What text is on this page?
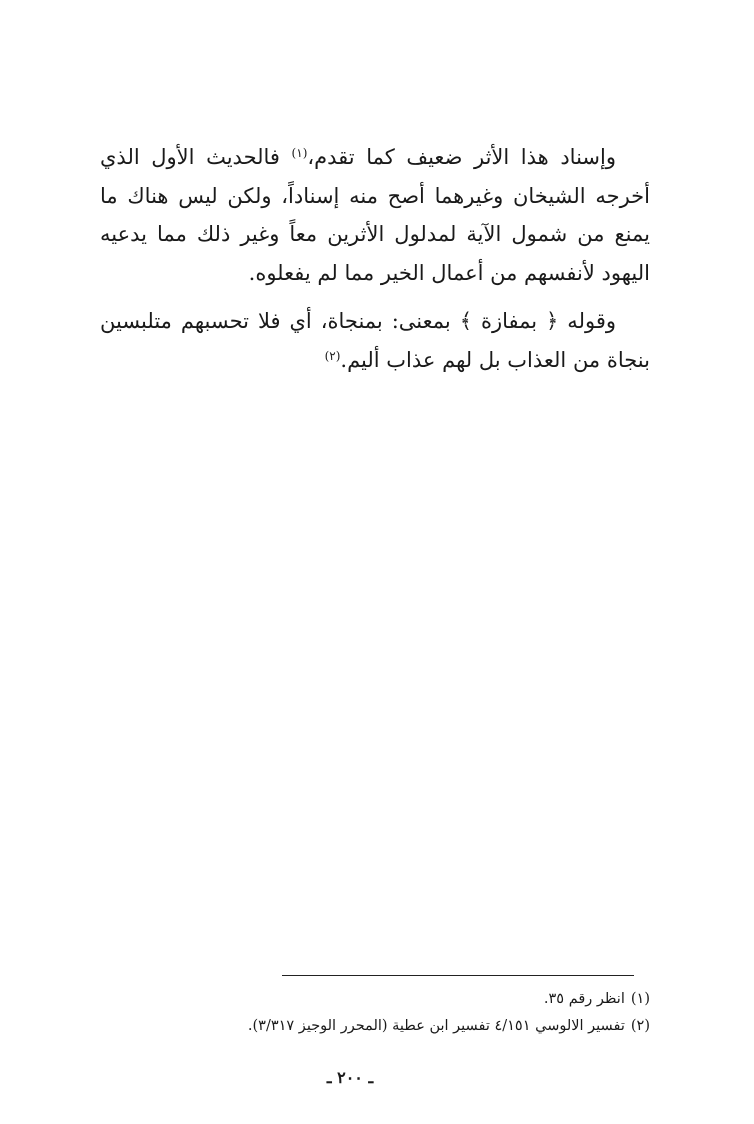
وإسناد هذا الأثر ضعيف كما تقدم،$^{(١)}$ فالحديث الأول الذي أخرجه الشيخان وغيرهما أصح منه إسناداً، ولكن ليس هناك ما يمنع من شمول الآية لمدلول الأثرين معاً وغير ذلك مما يدعيه اليهود لأنفسهم من أعمال الخير مما لم يفعلوه.

وقوله ﴿ بمفازة ﴾ بمعنى: بمنجاة، أي فلا تحسبهم متلبسين بنجاة من العذاب بل لهم عذاب أليم.$^{(٢)}$

(١)انظر رقم ٣٥.

(٢)تفسير الالوسي ٤/١٥١ تفسير ابن عطية (المحرر الوجيز ٣/٣١٧).

ـ ٢٠٠ ـ
